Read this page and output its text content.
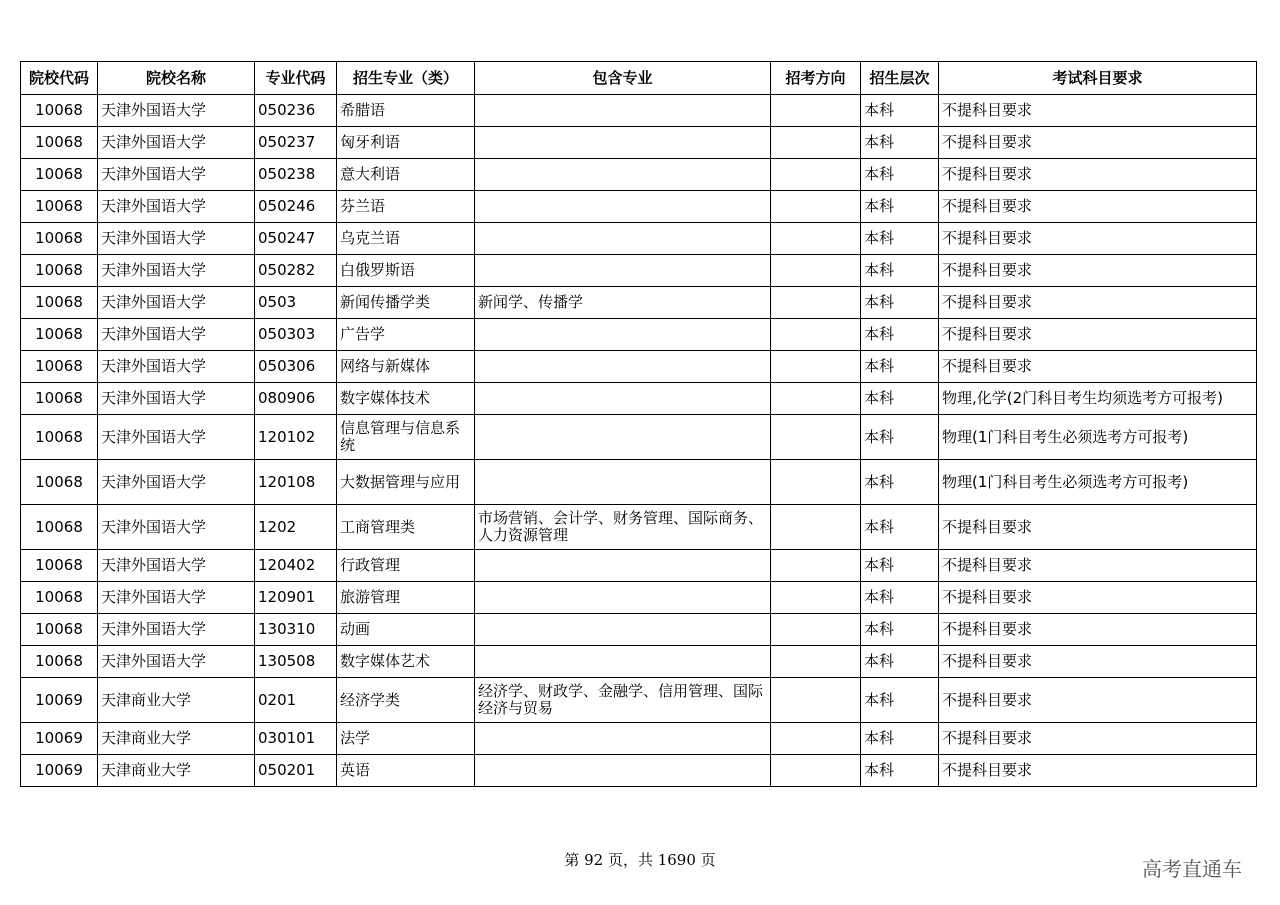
院校代码	院校名称	专业代码	招生专业（类）	包含专业	招考方向	招生层次	考试科目要求
10068	天津外国语大学	050236	希腊语			本科	不提科目要求
10068	天津外国语大学	050237	匈牙利语			本科	不提科目要求
10068	天津外国语大学	050238	意大利语			本科	不提科目要求
10068	天津外国语大学	050246	芬兰语			本科	不提科目要求
10068	天津外国语大学	050247	乌克兰语			本科	不提科目要求
10068	天津外国语大学	050282	白俄罗斯语			本科	不提科目要求
10068	天津外国语大学	0503	新闻传播学类	新闻学、传播学		本科	不提科目要求
10068	天津外国语大学	050303	广告学			本科	不提科目要求
10068	天津外国语大学	050306	网络与新媒体			本科	不提科目要求
10068	天津外国语大学	080906	数字媒体技术			本科	物理,化学(2门科目考生均须选考方可报考)
10068	天津外国语大学	120102	信息管理与信息系统			本科	物理(1门科目考生必须选考方可报考)
10068	天津外国语大学	120108	大数据管理与应用			本科	物理(1门科目考生必须选考方可报考)
10068	天津外国语大学	1202	工商管理类	市场营销、会计学、财务管理、国际商务、人力资源管理		本科	不提科目要求
10068	天津外国语大学	120402	行政管理			本科	不提科目要求
10068	天津外国语大学	120901	旅游管理			本科	不提科目要求
10068	天津外国语大学	130310	动画			本科	不提科目要求
10068	天津外国语大学	130508	数字媒体艺术			本科	不提科目要求
10069	天津商业大学	0201	经济学类	经济学、财政学、金融学、信用管理、国际经济与贸易		本科	不提科目要求
10069	天津商业大学	030101	法学			本科	不提科目要求
10069	天津商业大学	050201	英语			本科	不提科目要求
第 92 页，共 1690 页	高考直通车
